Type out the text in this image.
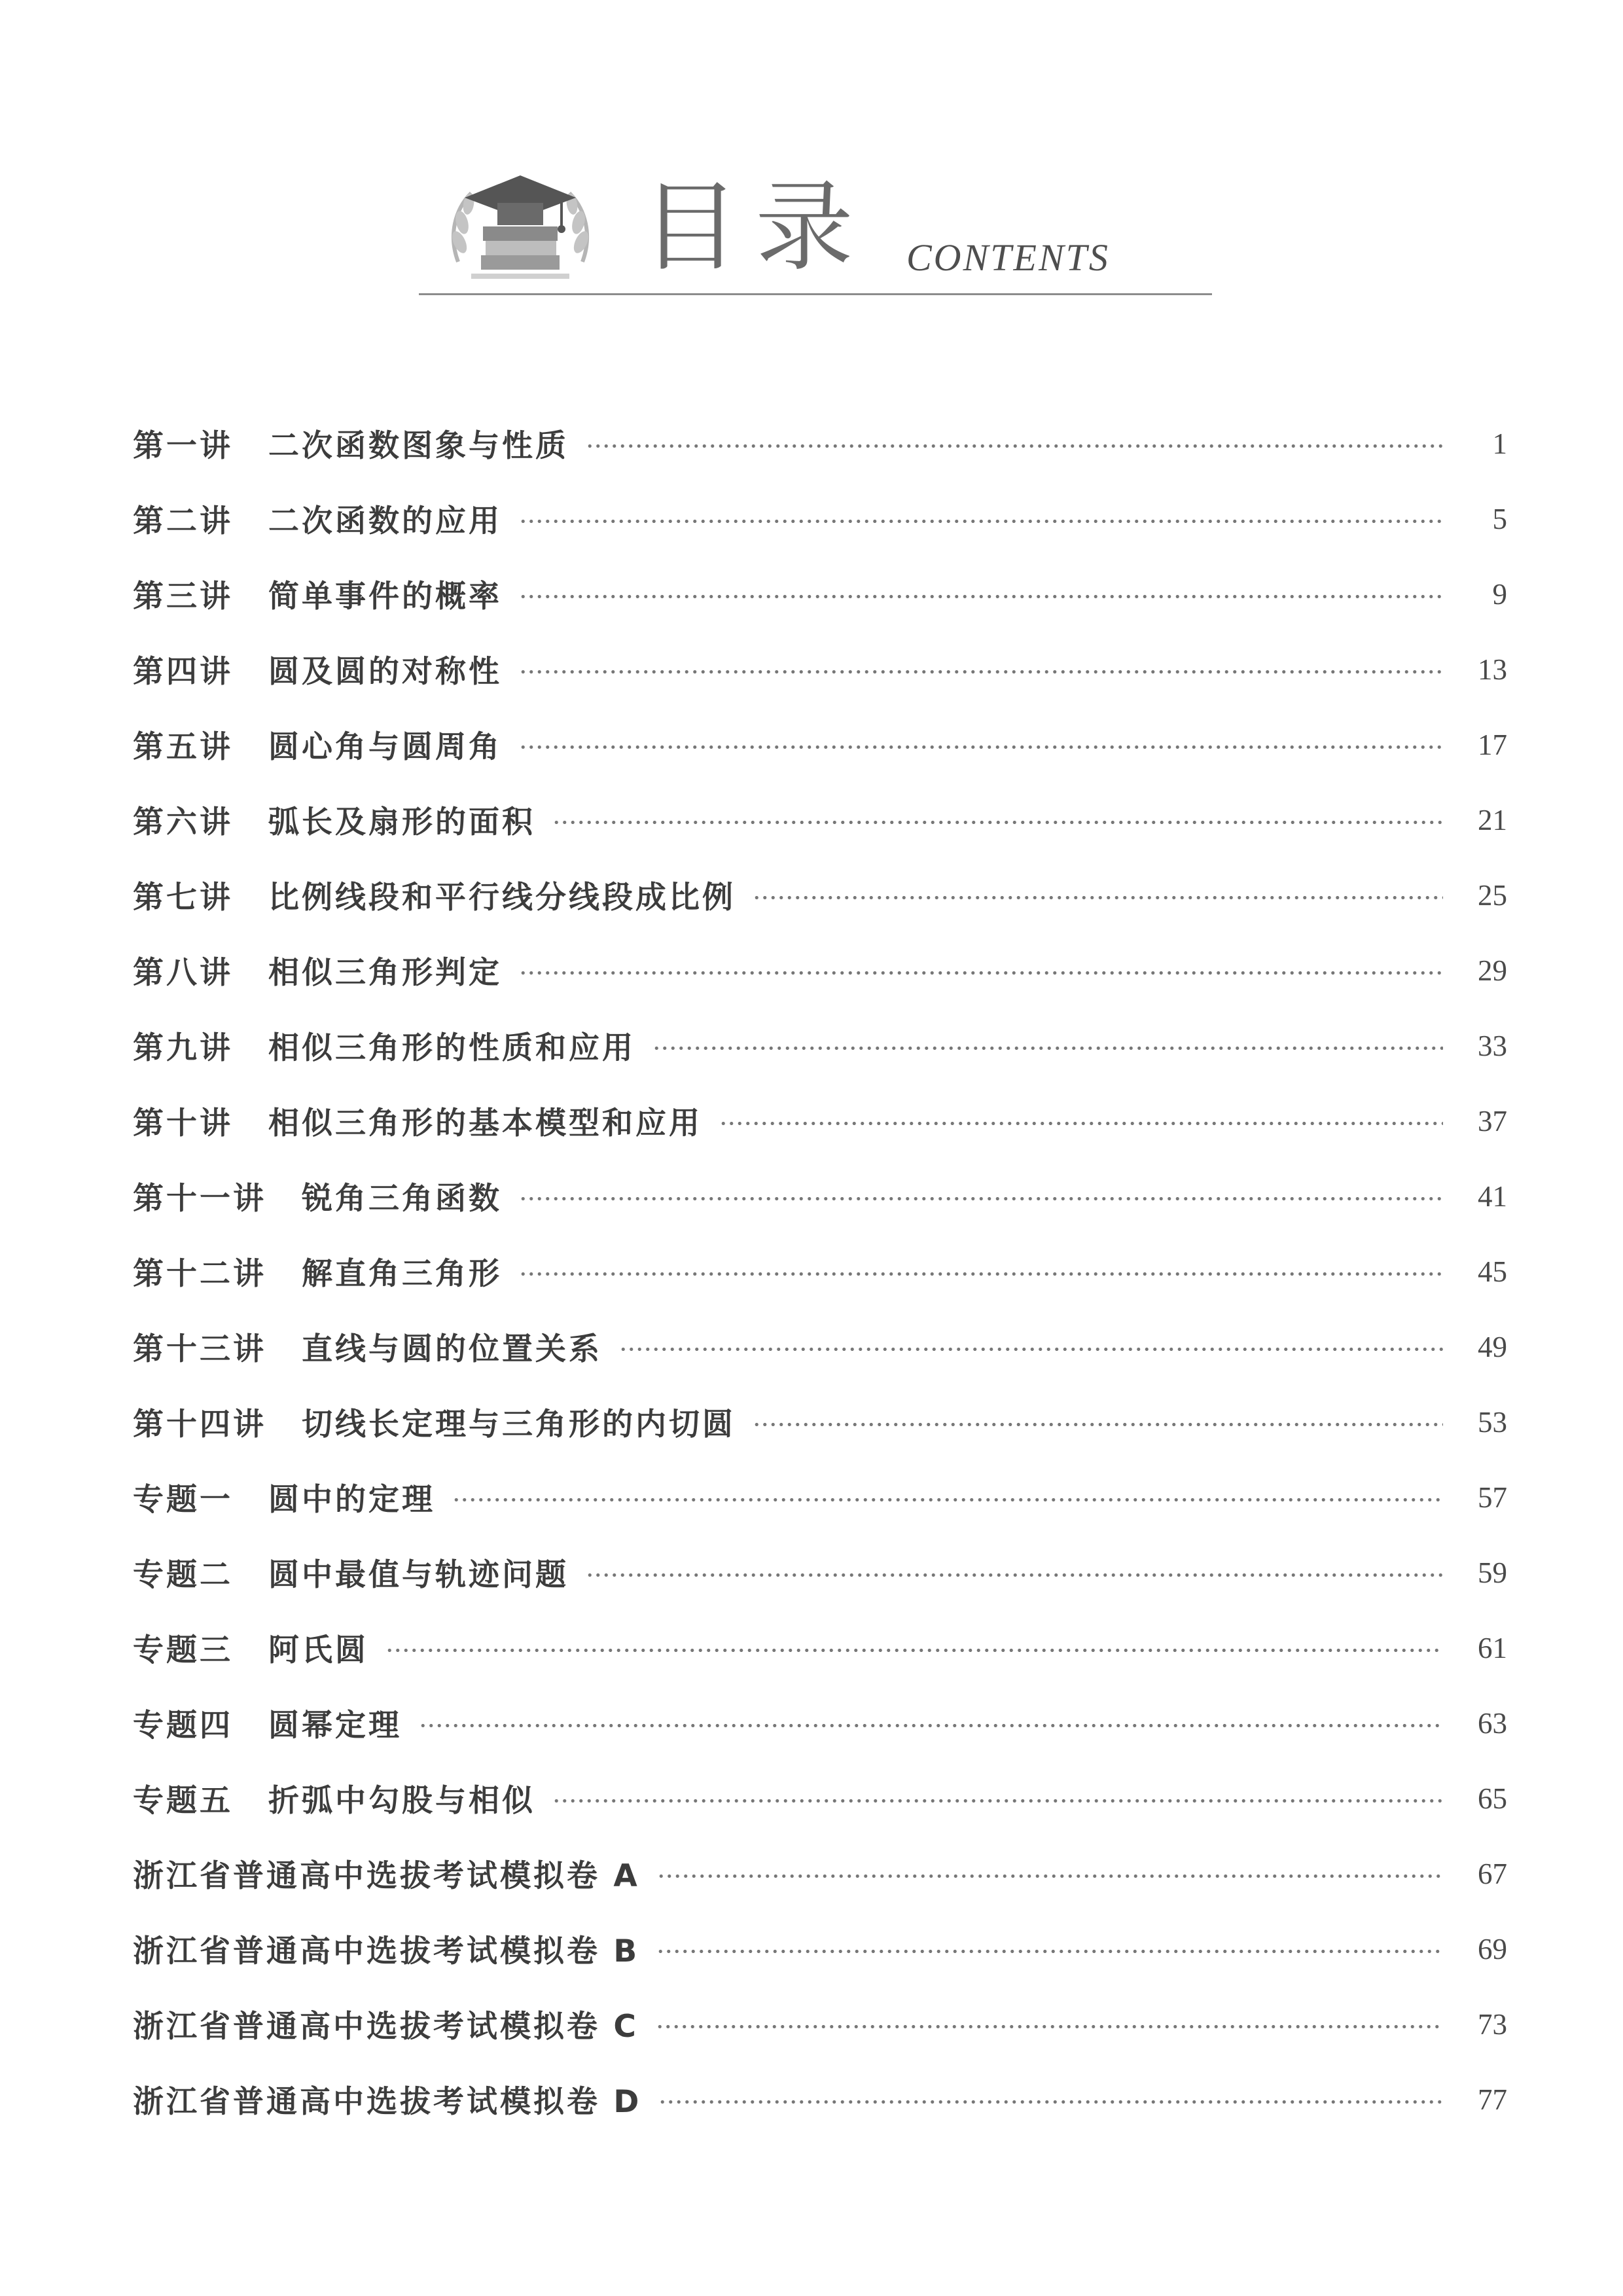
目录 CONTENTS
第一讲 二次函数图象与性质	1
第二讲 二次函数的应用	5
第三讲 简单事件的概率	9
第四讲 圆及圆的对称性	13
第五讲 圆心角与圆周角	17
第六讲 弧长及扇形的面积	21
第七讲 比例线段和平行线分线段成比例	25
第八讲 相似三角形判定	29
第九讲 相似三角形的性质和应用	33
第十讲 相似三角形的基本模型和应用	37
第十一讲 锐角三角函数	41
第十二讲 解直角三角形	45
第十三讲 直线与圆的位置关系	49
第十四讲 切线长定理与三角形的内切圆	53
专题一 圆中的定理	57
专题二 圆中最值与轨迹问题	59
专题三 阿氏圆	61
专题四 圆幂定理	63
专题五 折弧中勾股与相似	65
浙江省普通高中选拔考试模拟卷 A	67
浙江省普通高中选拔考试模拟卷 B	69
浙江省普通高中选拔考试模拟卷 C	73
浙江省普通高中选拔考试模拟卷 D	77
